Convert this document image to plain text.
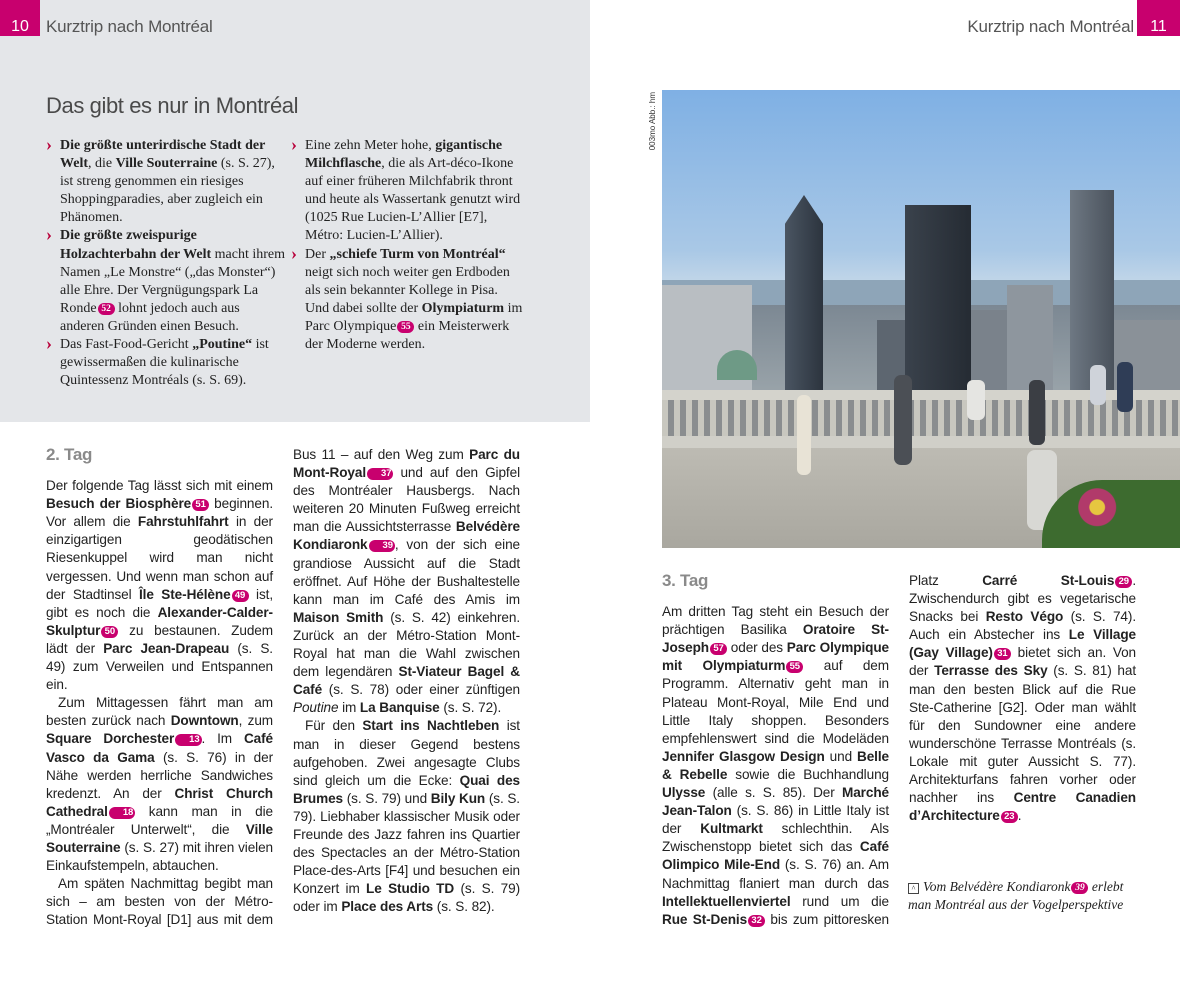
10	Kurztrip nach Montréal
Das gibt es nur in Montréal
› Die größte unterirdische Stadt der Welt, die Ville Souterraine (s. S. 27), ist streng genommen ein riesiges Shoppingparadies, aber zugleich ein Phänomen.
› Die größte zweispurige Holzachterbahn der Welt macht ihrem Namen „Le Monstre“ („das Monster“) alle Ehre. Der Vergnügungspark La Ronde 52 lohnt jedoch auch aus anderen Gründen einen Besuch.
› Das Fast-Food-Gericht „Poutine“ ist gewissermaßen die kulinarische Quintessenz Montréals (s. S. 69).
› Eine zehn Meter hohe, gigantische Milchflasche, die als Art-déco-Ikone auf einer früheren Milchfabrik thront und heute als Wassertank genutzt wird (1025 Rue Lucien-L’Allier [E7], Métro: Lucien-L’Allier).
› Der „schiefe Turm von Montréal“ neigt sich noch weiter gen Erdboden als sein bekannter Kollege in Pisa. Und dabei sollte der Olympiaturm im Parc Olympique 55 ein Meisterwerk der Moderne werden.
2. Tag

Der folgende Tag lässt sich mit einem Besuch der Biosphère 51 beginnen. Vor allem die Fahrstuhlfahrt in der einzigartigen geodätischen Riesenkuppel wird man nicht vergessen. Und wenn man schon auf der Stadtinsel Île Ste-Hélène 49 ist, gibt es noch die Alexander-Calder-Skulptur 50 zu bestaunen. Zudem lädt der Parc Jean-Drapeau (s. S. 49) zum Verweilen und Entspannen ein.

Zum Mittagessen fährt man am besten zurück nach Downtown, zum Square Dorchester 13 . Im Café Vasco da Gama (s. S. 76) in der Nähe werden herrliche Sandwiches kredenzt. An der Christ Church Cathedral 18 kann man in die „Montréaler Unterwelt“, die Ville Souterraine (s. S. 27) mit ihren vielen Einkaufstempeln, abtauchen.

Am späten Nachmittag begibt man sich – am besten von der Métro-Station Mont-Royal [D1] aus mit dem Bus 11 – auf den Weg zum Parc du Mont-Royal 37 und auf den Gipfel des Montréaler Hausbergs. Nach weiteren 20 Minuten Fußweg erreicht man die Aussichtsterrasse Belvédère Kondiaronk 39 , von der sich eine grandiose Aussicht auf die Stadt eröffnet. Auf Höhe der Bushaltestelle kann man im Café des Amis im Maison Smith (s. S. 42) einkehren. Zurück an der Métro-Station Mont-Royal hat man die Wahl zwischen dem legendären St-Viateur Bagel & Café (s. S. 78) oder einer zünftigen Poutine im La Banquise (s. S. 72).

Für den Start ins Nachtleben ist man in dieser Gegend bestens aufgehoben. Zwei angesagte Clubs sind gleich um die Ecke: Quai des Brumes (s. S. 79) und Bily Kun (s. S. 79). Liebhaber klassischer Musik oder Freunde des Jazz fahren ins Quartier des Spectacles an der Métro-Station Place-des-Arts [F4] und besuchen ein Konzert im Le Studio TD (s. S. 79) oder im Place des Arts (s. S. 82).

11
Kurztrip nach Montréal
003mo Abb.: hm
3. Tag

Am dritten Tag steht ein Besuch der prächtigen Basilika Oratoire St-Joseph 57 oder des Parc Olympique mit Olympiaturm 55 auf dem Programm. Alternativ geht man in Plateau Mont-Royal, Mile End und Little Italy shoppen. Besonders empfehlenswert sind die Modeläden Jennifer Glasgow Design und Belle & Rebelle sowie die Buchhandlung Ulysse (alle s. S. 85). Der Marché Jean-Talon (s. S. 86) in Little Italy ist der Kultmarkt schlechthin. Als Zwischenstopp bietet sich das Café Olimpico Mile-End (s. S. 76) an. Am Nachmittag flaniert man durch das Intellektuellenviertel rund um die Rue St-Denis 32 bis zum pittoresken Platz Carré St-Louis 29 . Zwischendurch gibt es vegetarische Snacks bei Resto Végo (s. S. 74). Auch ein Abstecher ins Le Village (Gay Village) 31 bietet sich an. Von der Terrasse des Sky (s. S. 81) hat man den besten Blick auf die Rue Ste-Catherine [G2]. Oder man wählt für den Sundowner eine andere wunderschöne Terrasse Montréals (s. Lokale mit guter Aussicht S. 77). Architekturfans fahren vorher oder nachher ins Centre Canadien d’Architecture 23 .

^ Vom Belvédère Kondiaronk 39 erlebt man Montréal aus der Vogelperspektive
